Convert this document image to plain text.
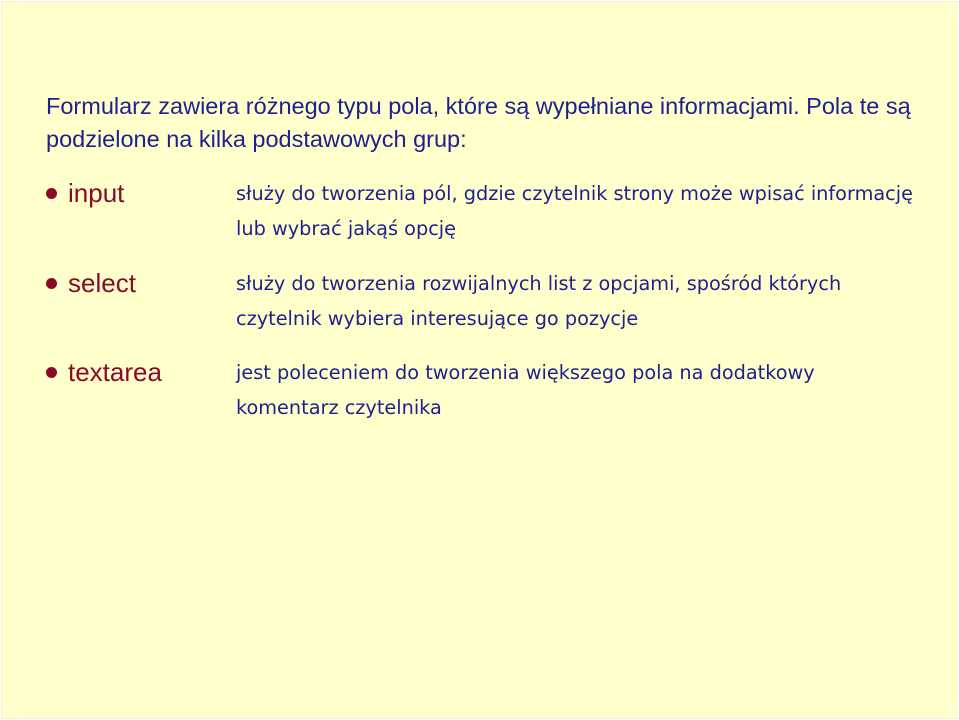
Formularz zawiera różnego typu pola, które są wypełniane informacjami. Pola te są podzielone na kilka podstawowych grup:

input	służy do tworzenia pól, gdzie czytelnik strony może wpisać informację lub wybrać jakąś opcję

select	służy do tworzenia rozwijalnych list z opcjami, spośród których czytelnik wybiera interesujące go pozycje

textarea	jest poleceniem do tworzenia większego pola na dodatkowy komentarz czytelnika
